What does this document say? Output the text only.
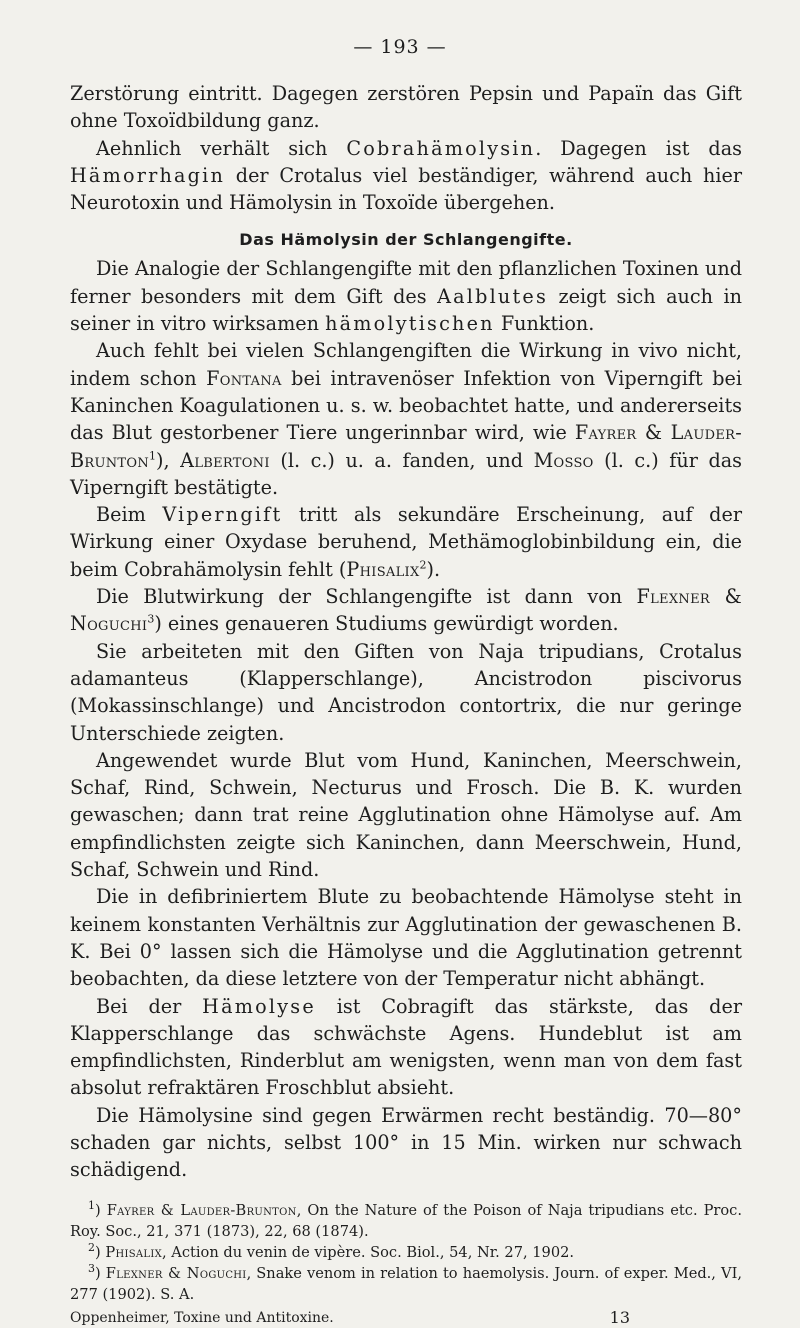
— 193 —

Zerstörung eintritt. Dagegen zerstören Pepsin und Papaïn das Gift ohne Toxoïdbildung ganz.

Aehnlich verhält sich Cobrahämolysin. Dagegen ist das Hämorrhagin der Crotalus viel beständiger, während auch hier Neurotoxin und Hämolysin in Toxoïde übergehen.

Das Hämolysin der Schlangengifte.

Die Analogie der Schlangengifte mit den pflanzlichen Toxinen und ferner besonders mit dem Gift des Aalblutes zeigt sich auch in seiner in vitro wirksamen hämolytischen Funktion.

Auch fehlt bei vielen Schlangengiften die Wirkung in vivo nicht, indem schon Fontana bei intravenöser Infektion von Viperngift bei Kaninchen Koagulationen u. s. w. beobachtet hatte, und andererseits das Blut gestorbener Tiere ungerinnbar wird, wie Fayrer & Lauder-Brunton$^1$), Albertoni (l. c.) u. a. fanden, und Mosso (l. c.) für das Viperngift bestätigte.

Beim Viperngift tritt als sekundäre Erscheinung, auf der Wirkung einer Oxydase beruhend, Methämoglobinbildung ein, die beim Cobrahämolysin fehlt (Phisalix$^2$).

Die Blutwirkung der Schlangengifte ist dann von Flexner & Noguchi$^3$) eines genaueren Studiums gewürdigt worden.

Sie arbeiteten mit den Giften von Naja tripudians, Crotalus adamanteus (Klapperschlange), Ancistrodon piscivorus (Mokassinschlange) und Ancistrodon contortrix, die nur geringe Unterschiede zeigten.

Angewendet wurde Blut vom Hund, Kaninchen, Meerschwein, Schaf, Rind, Schwein, Necturus und Frosch. Die B. K. wurden gewaschen; dann trat reine Agglutination ohne Hämolyse auf. Am empfindlichsten zeigte sich Kaninchen, dann Meerschwein, Hund, Schaf, Schwein und Rind.

Die in defibriniertem Blute zu beobachtende Hämolyse steht in keinem konstanten Verhältnis zur Agglutination der gewaschenen B. K. Bei 0° lassen sich die Hämolyse und die Agglutination getrennt beobachten, da diese letztere von der Temperatur nicht abhängt.

Bei der Hämolyse ist Cobragift das stärkste, das der Klapperschlange das schwächste Agens. Hundeblut ist am empfindlichsten, Rinderblut am wenigsten, wenn man von dem fast absolut refraktären Froschblut absieht.

Die Hämolysine sind gegen Erwärmen recht beständig. 70—80° schaden gar nichts, selbst 100° in 15 Min. wirken nur schwach schädigend.

$^1$) Fayrer & Lauder-Brunton, On the Nature of the Poison of Naja tripudians etc. Proc. Roy. Soc., 21, 371 (1873), 22, 68 (1874).

$^2$) Phisalix, Action du venin de vipère. Soc. Biol., 54, Nr. 27, 1902.

$^3$) Flexner & Noguchi, Snake venom in relation to haemolysis. Journ. of exper. Med., VI, 277 (1902). S. A.

Oppenheimer, Toxine und Antitoxine.	13
